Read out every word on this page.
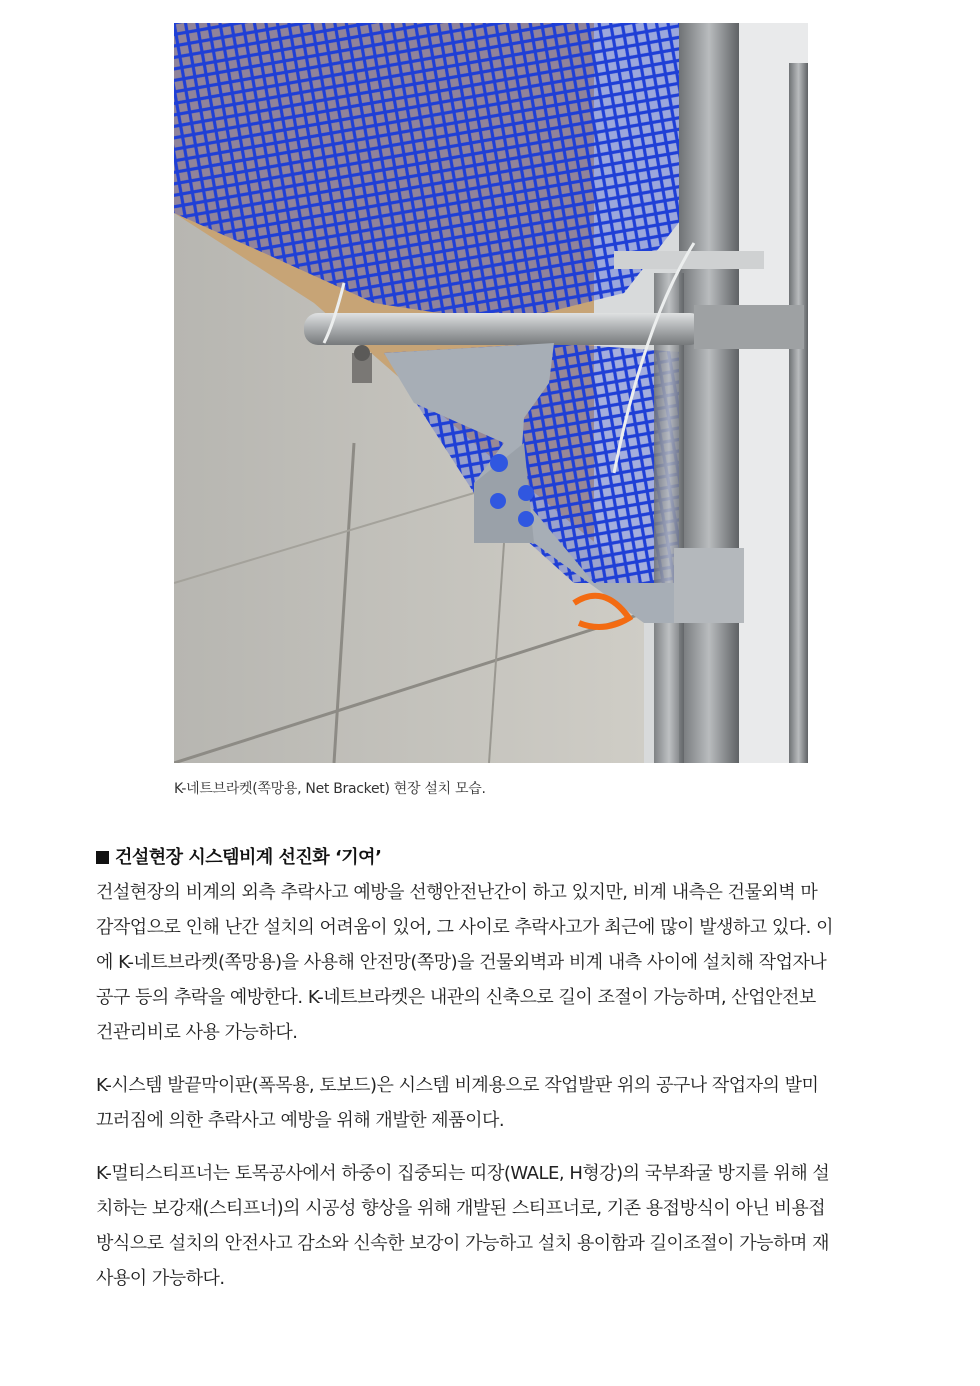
K-네트브라켓(쪽망용, Net Bracket) 현장 설치 모습.
건설현장 시스템비계 선진화 ‘기여’

건설현장의 비계의 외측 추락사고 예방을 선행안전난간이 하고 있지만, 비계 내측은 건물외벽 마
감작업으로 인해 난간 설치의 어려움이 있어, 그 사이로 추락사고가 최근에 많이 발생하고 있다. 이
에 K-네트브라켓(쪽망용)을 사용해 안전망(쪽망)을 건물외벽과 비계 내측 사이에 설치해 작업자나
공구 등의 추락을 예방한다. K-네트브라켓은 내관의 신축으로 길이 조절이 가능하며, 산업안전보
건관리비로 사용 가능하다.

K-시스템 발끝막이판(폭목용, 토보드)은 시스템 비계용으로 작업발판 위의 공구나 작업자의 발미
끄러짐에 의한 추락사고 예방을 위해 개발한 제품이다.

K-멀티스티프너는 토목공사에서 하중이 집중되는 띠장(WALE, H형강)의 국부좌굴 방지를 위해 설
치하는 보강재(스티프너)의 시공성 향상을 위해 개발된 스티프너로, 기존 용접방식이 아닌 비용접
방식으로 설치의 안전사고 감소와 신속한 보강이 가능하고 설치 용이함과 길이조절이 가능하며 재
사용이 가능하다.
